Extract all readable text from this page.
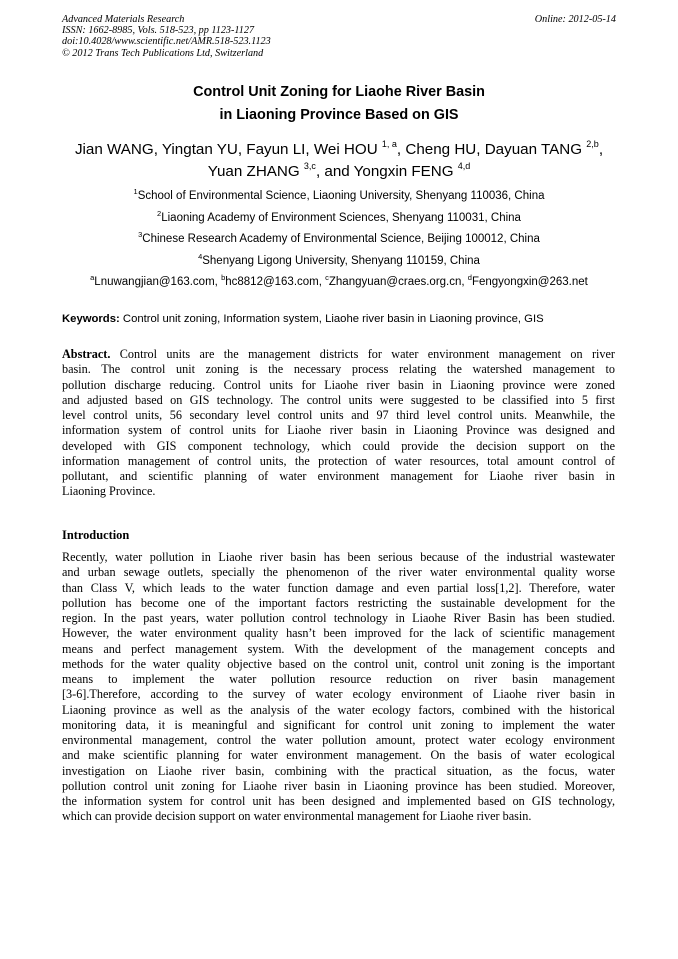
Advanced Materials Research
ISSN: 1662-8985, Vols. 518-523, pp 1123-1127
doi:10.4028/www.scientific.net/AMR.518-523.1123
© 2012 Trans Tech Publications Ltd, Switzerland
Online: 2012-05-14
Control Unit Zoning for Liaohe River Basin
in Liaoning Province Based on GIS
Jian WANG, Yingtan YU, Fayun LI, Wei HOU $^{1, a}$, Cheng HU, Dayuan TANG $^{2,b}$,
Yuan ZHANG $^{3,c}$, and Yongxin FENG $^{4,d}$
$^1$School of Environmental Science, Liaoning University, Shenyang 110036, China
$^2$Liaoning Academy of Environment Sciences, Shenyang 110031, China
$^3$Chinese Research Academy of Environmental Science, Beijing 100012, China
$^4$Shenyang Ligong University, Shenyang 110159, China
$^a$Lnuwangjian@163.com, $^b$hc8812@163.com, $^c$Zhangyuan@craes.org.cn, $^d$Fengyongxin@263.net
Keywords: Control unit zoning, Information system, Liaohe river basin in Liaoning province, GIS
Abstract. Control units are the management districts for water environment management on river
basin. The control unit zoning is the necessary process relating the watershed management to
pollution discharge reducing. Control units for Liaohe river basin in Liaoning province were zoned
and adjusted based on GIS technology. The control units were suggested to be classified into 5 first
level control units, 56 secondary level control units and 97 third level control units. Meanwhile, the
information system of control units for Liaohe river basin in Liaoning Province was designed and
developed with GIS component technology, which could provide the decision support on the
information management of control units, the protection of water resources, total amount control of
pollutant, and scientific planning of water environment management for Liaohe river basin in
Liaoning Province.
Introduction
Recently, water pollution in Liaohe river basin has been serious because of the industrial wastewater
and urban sewage outlets, specially the phenomenon of the river water environmental quality worse
than Class V, which leads to the water function damage and even partial loss[1,2]. Therefore, water
pollution has become one of the important factors restricting the sustainable development for the
region. In the past years, water pollution control technology in Liaohe River Basin has been studied.
However, the water environment quality hasn’t been improved for the lack of scientific management
means and perfect management system. With the development of the management concepts and
methods for the water quality objective based on the control unit, control unit zoning is the important
means to implement the water pollution resource reduction on river basin management
[3-6].Therefore, according to the survey of water ecology environment of Liaohe river basin in
Liaoning province as well as the analysis of the water ecology factors, combined with the historical
monitoring data, it is meaningful and significant for control unit zoning to implement the water
environmental management, control the water pollution amount, protect water ecology environment
and make scientific planning for water environment management. On the basis of water ecological
investigation on Liaohe river basin, combining with the practical situation, as the focus, water
pollution control unit zoning for Liaohe river basin in Liaoning province has been studied. Moreover,
the information system for control unit has been designed and implemented based on GIS technology,
which can provide decision support on water environmental management for Liaohe river basin.
